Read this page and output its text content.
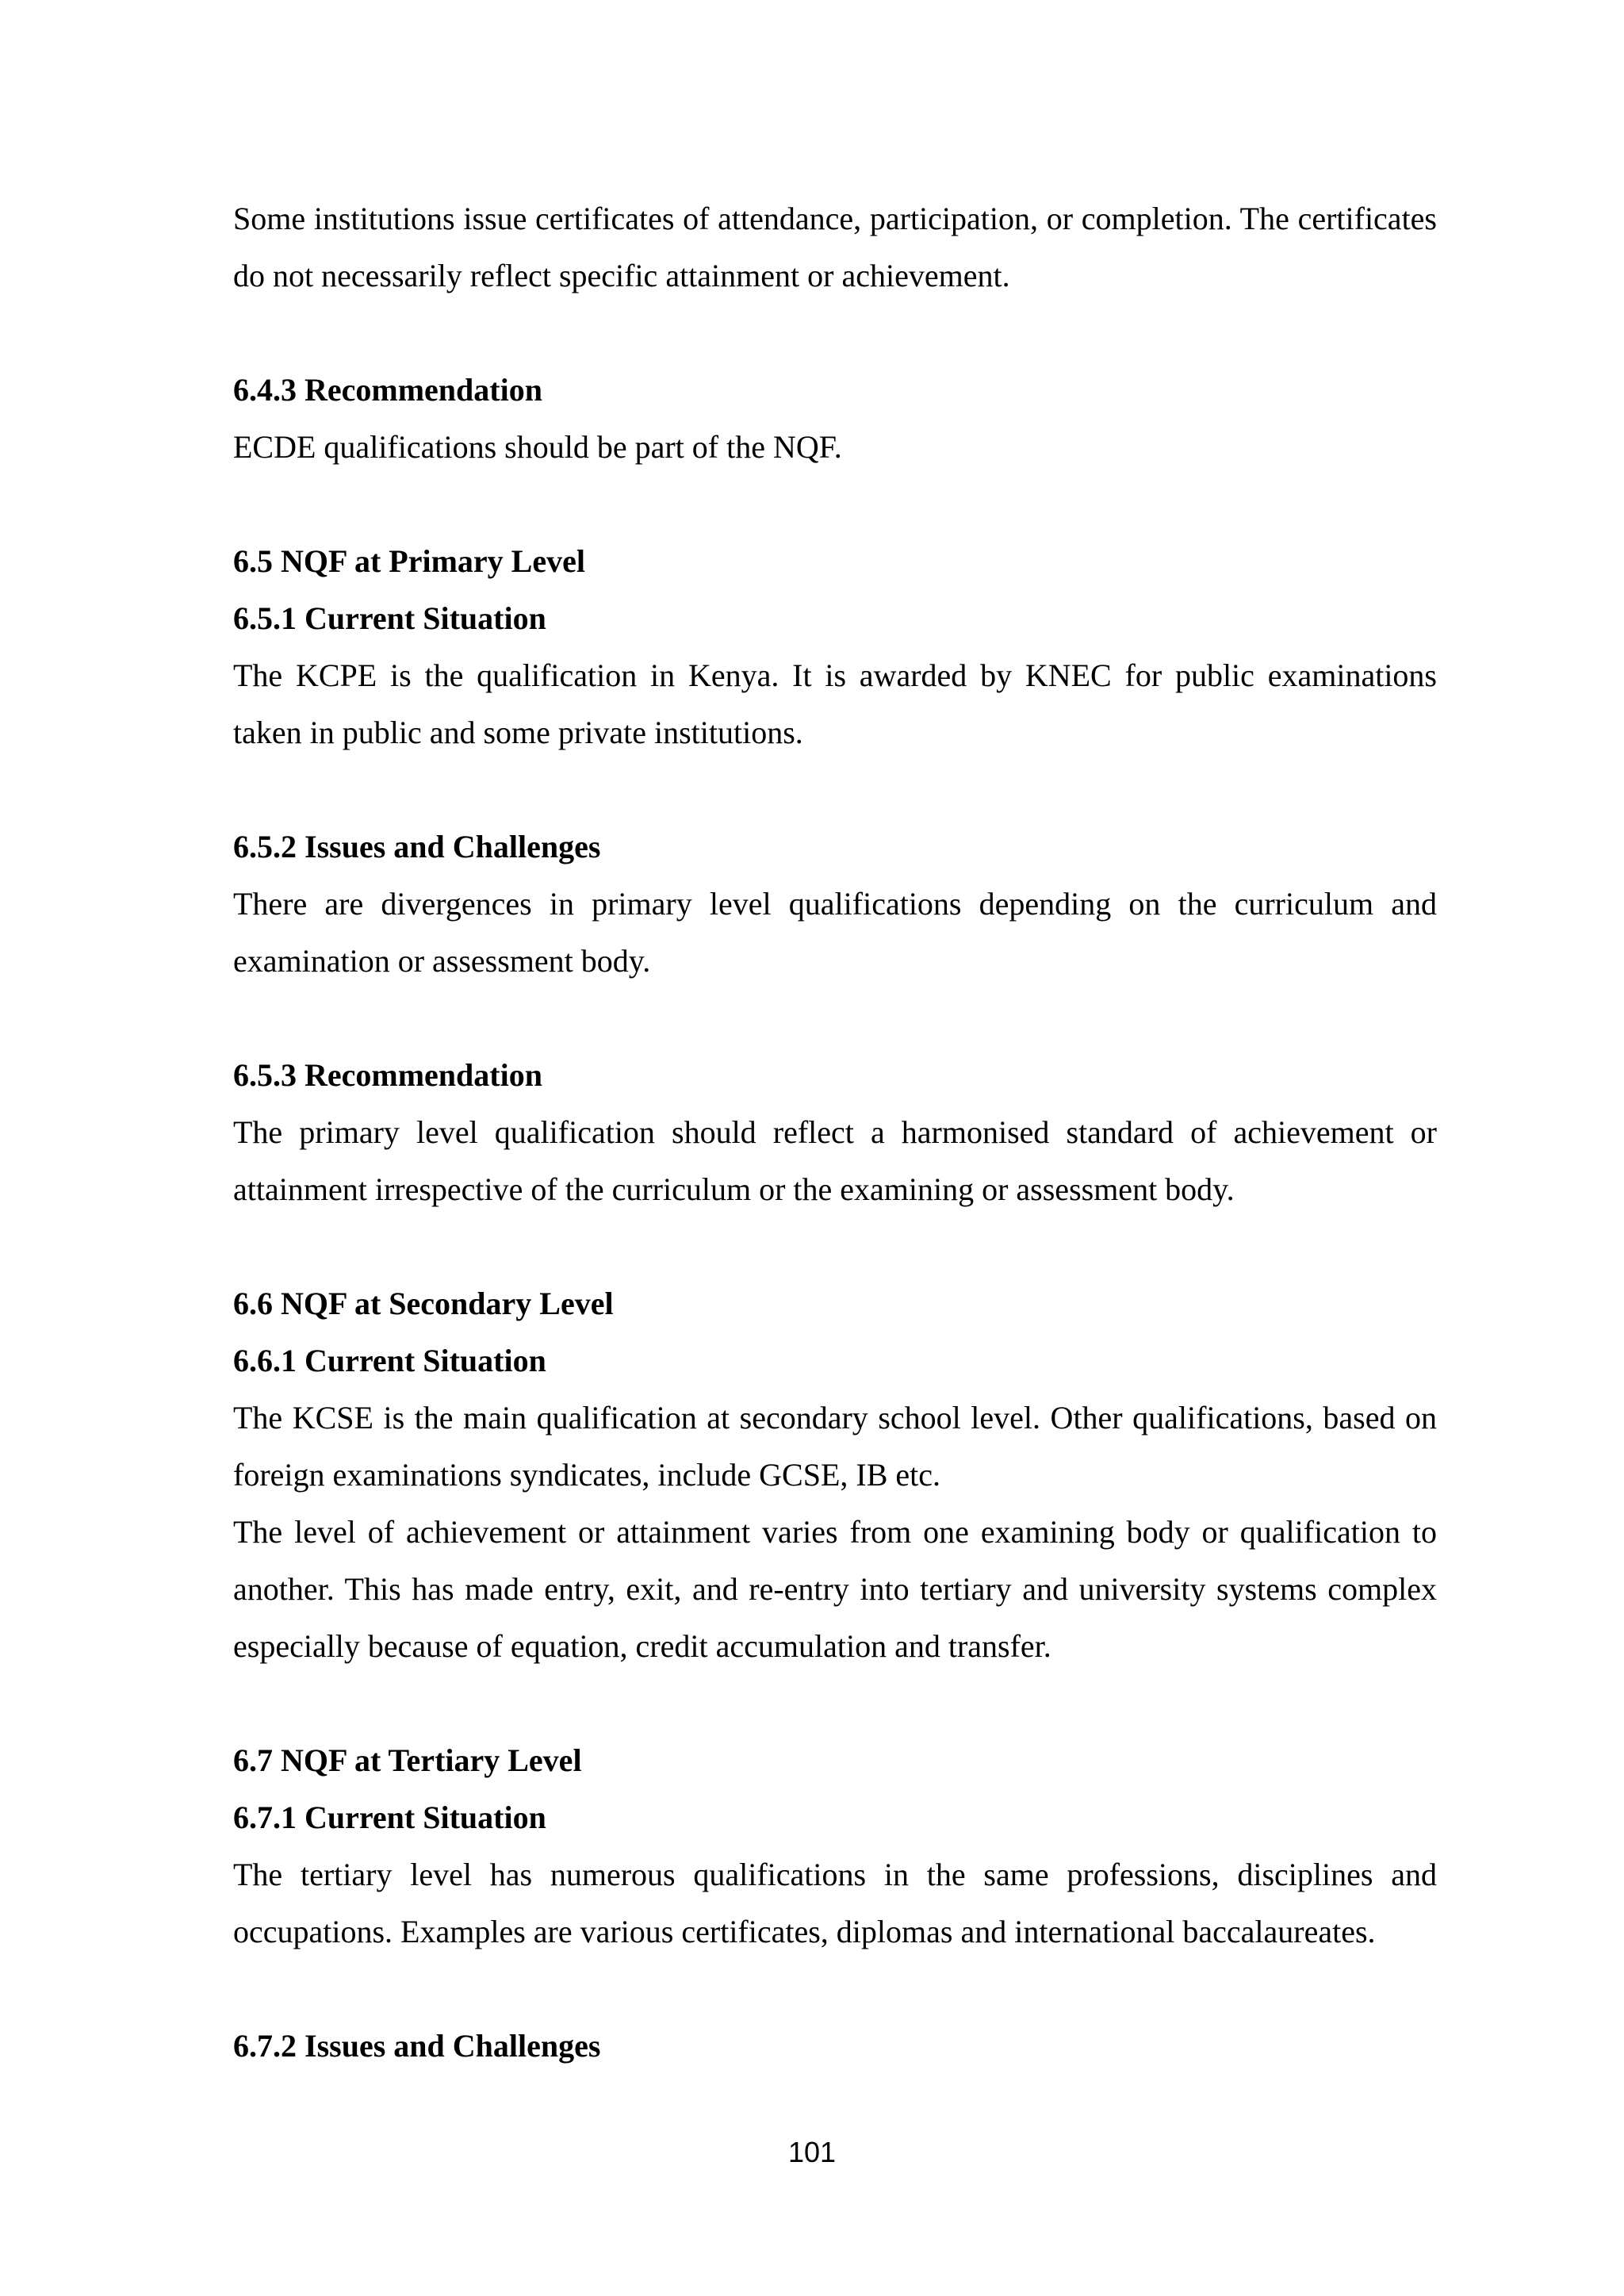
Some institutions issue certificates of attendance, participation, or completion. The certificates do not necessarily reflect specific attainment or achievement.

6.4.3 Recommendation

ECDE qualifications should be part of the NQF.

6.5 NQF at Primary Level

6.5.1 Current Situation

The KCPE is the qualification in Kenya. It is awarded by KNEC for public examinations taken in public and some private institutions.

6.5.2 Issues and Challenges

There are divergences in primary level qualifications depending on the curriculum and examination or assessment body.

6.5.3 Recommendation

The primary level qualification should reflect a harmonised standard of achievement or attainment irrespective of the curriculum or the examining or assessment body.

6.6 NQF at Secondary Level

6.6.1 Current Situation

The KCSE is the main qualification at secondary school level. Other qualifications, based on foreign examinations syndicates, include GCSE, IB etc.

The level of achievement or attainment varies from one examining body or qualification to another. This has made entry, exit, and re-entry into tertiary and university systems complex especially because of equation, credit accumulation and transfer.

6.7 NQF at Tertiary Level

6.7.1 Current Situation

The tertiary level has numerous qualifications in the same professions, disciplines and occupations. Examples are various certificates, diplomas and international baccalaureates.

6.7.2 Issues and Challenges

101
